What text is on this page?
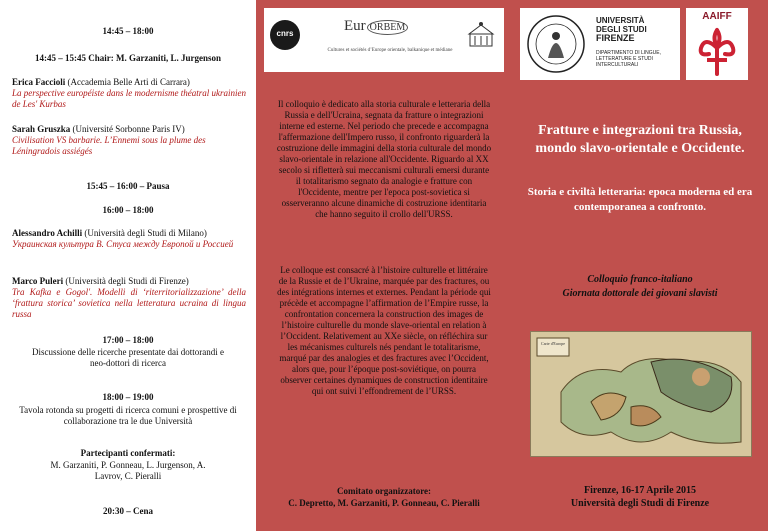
14:45 – 18:00
14:45 – 15:45 Chair: M. Garzaniti, L. Jurgenson
Erica Faccioli (Accademia Belle Arti di Carrara)
La perspective européiste dans le modernisme théatral ukrainien de Les' Kurbas
Sarah Gruszka (Université Sorbonne Paris IV)
Civilisation VS barbarie. L’Ennemi sous la plume des Léningradois assiégés
15:45 – 16:00 – Pausa
16:00 – 18:00
Alessandro Achilli (Università degli Studi di Milano)
Украинская культура В. Стуса между Европой и Россией
Marco Puleri (Università degli Studi di Firenze)
Tra Kafka e Gogol'. Modelli di ‘riterritorializzazione’ della ‘frattura storica’ sovietica nella letteratura ucraina di lingua russa
17:00 – 18:00
Discussione delle ricerche presentate dai dottorandi e neo-dottori di ricerca
18:00 – 19:00
Tavola rotonda su progetti di ricerca comuni e prospettive di collaborazione tra le due Università
Partecipanti confermati:
M. Garzaniti, P. Gonneau, L. Jurgenson, A. Lavrov, C. Pieralli
20:30 – Cena
cnrs	Eur ORBEM
Cultures et sociétés d’Europe orientale, balkanique et médiane
Il colloquio è dedicato alla storia culturale e letteraria della Russia e dell'Ucraina, segnata da fratture o integrazioni interne ed esterne. Nel periodo che precede e accompagna l'affermazione dell'Impero russo, il confronto riguarderà la costruzione delle immagini della storia culturale del mondo slavo-orientale in relazione all'Occidente. Riguardo al XX secolo si rifletterà sui meccanismi culturali emersi durante il totalitarismo segnato da analogie e fratture con l'Occidente, mentre per l'epoca post-sovietica si osserveranno alcune dinamiche di costruzione identitaria che hanno seguito il crollo dell'URSS.
Le colloque est consacré à l’histoire culturelle et littéraire de la Russie et de l’Ukraine, marquée par des fractures, ou des intégrations internes et externes. Pendant la période qui précède et accompagne l’affirmation de l’Empire russe, la confrontation concernera la construction des images de l’histoire culturelle du monde slave-oriental en relation à l’Occident. Relativement au XXe siècle, on réfléchira sur les mécanismes culturels nés pendant le totalitarisme, marqué par des analogies et des fractures avec l’Occident, alors que, pour l’époque post-soviétique, on pourra observer certaines dynamiques de construction identitaire qui ont suivi l’effondrement de l’URSS.
Comitato organizzatore:
C. Depretto, M. Garzaniti, P. Gonneau, C. Pieralli
UNIVERSITÀ
DEGLI STUDI
FIRENZE
DIPARTIMENTO DI LINGUE, LETTERATURE E STUDI INTERCULTURALI
AAIFF
Fratture e integrazioni tra Russia, mondo slavo-orientale e Occidente.
Storia e civiltà letteraria: epoca moderna ed era contemporanea a confronto.
Colloquio franco-italiano
Giornata dottorale dei giovani slavisti
Carte d'Europe
Firenze, 16-17 Aprile 2015
Università degli Studi di Firenze
